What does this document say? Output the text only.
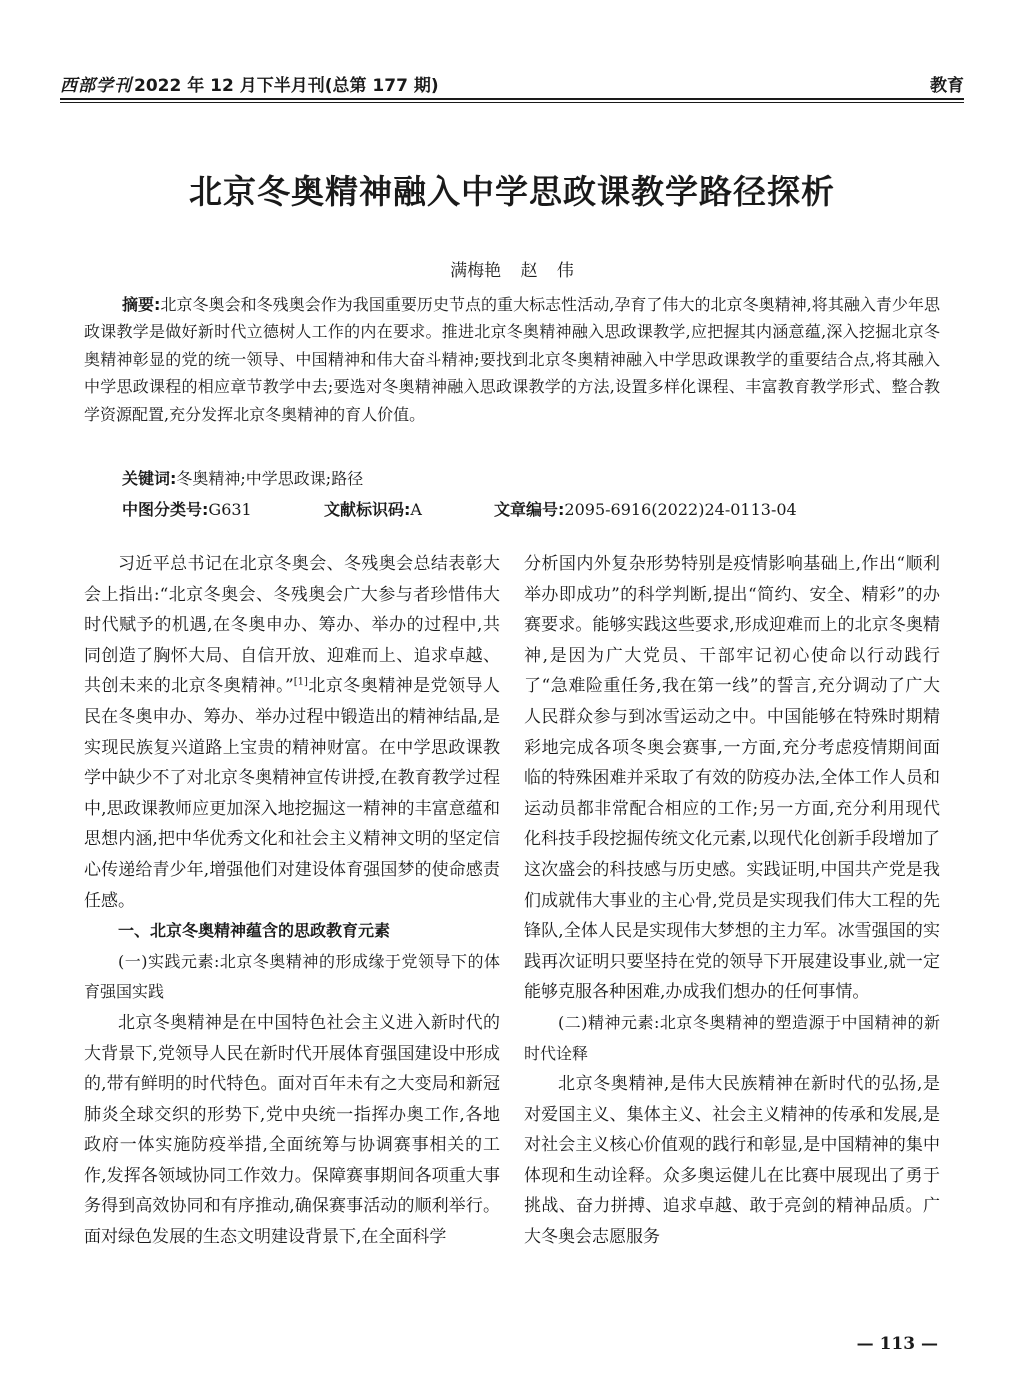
西部学刊 2022 年 12 月下半月刊(总第 177 期)	教育
北京冬奥精神融入中学思政课教学路径探析
满梅艳 赵 伟
摘要:北京冬奥会和冬残奥会作为我国重要历史节点的重大标志性活动,孕育了伟大的北京冬奥精神,将其融入青少年思政课教学是做好新时代立德树人工作的内在要求。推进北京冬奥精神融入思政课教学,应把握其内涵意蕴,深入挖掘北京冬奥精神彰显的党的统一领导、中国精神和伟大奋斗精神;要找到北京冬奥精神融入中学思政课教学的重要结合点,将其融入中学思政课程的相应章节教学中去;要选对冬奥精神融入思政课教学的方法,设置多样化课程、丰富教育教学形式、整合教学资源配置,充分发挥北京冬奥精神的育人价值。
关键词:冬奥精神;中学思政课;路径
中图分类号:G631	文献标识码:A	文章编号:2095-6916(2022)24-0113-04

习近平总书记在北京冬奥会、冬残奥会总结表彰大会上指出:“北京冬奥会、冬残奥会广大参与者珍惜伟大时代赋予的机遇,在冬奥申办、筹办、举办的过程中,共同创造了胸怀大局、自信开放、迎难而上、追求卓越、共创未来的北京冬奥精神。”[1]北京冬奥精神是党领导人民在冬奥申办、筹办、举办过程中锻造出的精神结晶,是实现民族复兴道路上宝贵的精神财富。在中学思政课教学中缺少不了对北京冬奥精神宣传讲授,在教育教学过程中,思政课教师应更加深入地挖掘这一精神的丰富意蕴和思想内涵,把中华优秀文化和社会主义精神文明的坚定信心传递给青少年,增强他们对建设体育强国梦的使命感责任感。

一、北京冬奥精神蕴含的思政教育元素
(一)实践元素:北京冬奥精神的形成缘于党领导下的体育强国实践

北京冬奥精神是在中国特色社会主义进入新时代的大背景下,党领导人民在新时代开展体育强国建设中形成的,带有鲜明的时代特色。面对百年未有之大变局和新冠肺炎全球交织的形势下,党中央统一指挥办奥工作,各地政府一体实施防疫举措,全面统筹与协调赛事相关的工作,发挥各领域协同工作效力。保障赛事期间各项重大事务得到高效协同和有序推动,确保赛事活动的顺利举行。面对绿色发展的生态文明建设背景下,在全面科学

分析国内外复杂形势特别是疫情影响基础上,作出“顺利举办即成功”的科学判断,提出“简约、安全、精彩”的办赛要求。能够实践这些要求,形成迎难而上的北京冬奥精神,是因为广大党员、干部牢记初心使命以行动践行了“急难险重任务,我在第一线”的誓言,充分调动了广大人民群众参与到冰雪运动之中。中国能够在特殊时期精彩地完成各项冬奥会赛事,一方面,充分考虑疫情期间面临的特殊困难并采取了有效的防疫办法,全体工作人员和运动员都非常配合相应的工作;另一方面,充分利用现代化科技手段挖掘传统文化元素,以现代化创新手段增加了这次盛会的科技感与历史感。实践证明,中国共产党是我们成就伟大事业的主心骨,党员是实现我们伟大工程的先锋队,全体人民是实现伟大梦想的主力军。冰雪强国的实践再次证明只要坚持在党的领导下开展建设事业,就一定能够克服各种困难,办成我们想办的任何事情。

(二)精神元素:北京冬奥精神的塑造源于中国精神的新时代诠释

北京冬奥精神,是伟大民族精神在新时代的弘扬,是对爱国主义、集体主义、社会主义精神的传承和发展,是对社会主义核心价值观的践行和彰显,是中国精神的集中体现和生动诠释。众多奥运健儿在比赛中展现出了勇于挑战、奋力拼搏、追求卓越、敢于亮剑的精神品质。广大冬奥会志愿服务

— 113 —
